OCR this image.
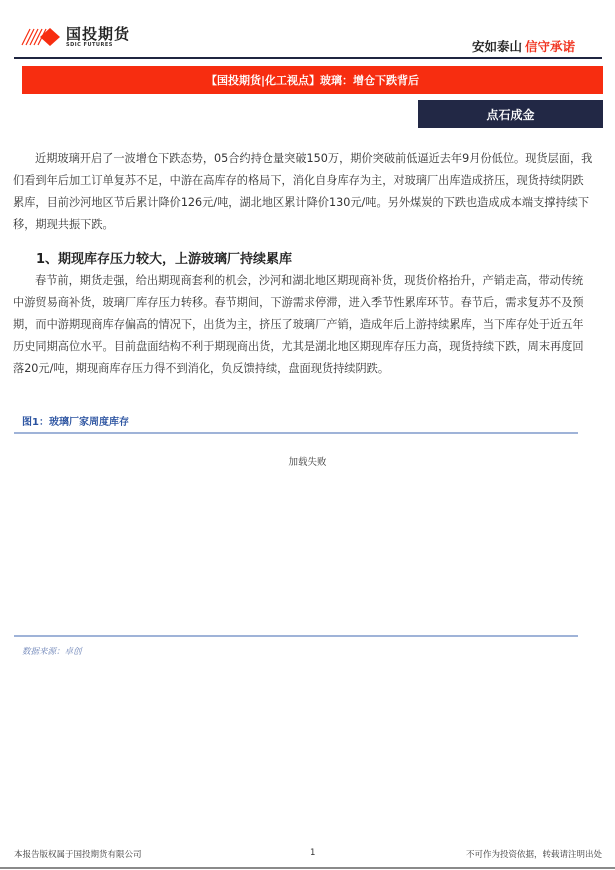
国投期货
SDIC FUTURES	安如泰山 信守承诺
【国投期货|化工视点】玻璃：增仓下跌背后
点石成金

近期玻璃开启了一波增仓下跌态势，05合约持仓量突破150万，期价突破前低逼近去年9月份低位。现货层面，我们看到年后加工订单复苏不足，中游在高库存的格局下，消化自身库存为主，对玻璃厂出库造成挤压，现货持续阴跌累库，目前沙河地区节后累计降价126元/吨，湖北地区累计降价130元/吨。另外煤炭的下跌也造成成本端支撑持续下移，期现共振下跌。

1、期现库存压力较大，上游玻璃厂持续累库

春节前，期货走强，给出期现商套利的机会，沙河和湖北地区期现商补货，现货价格抬升，产销走高，带动传统中游贸易商补货，玻璃厂库存压力转移。春节期间，下游需求停滞，进入季节性累库环节。春节后，需求复苏不及预期，而中游期现商库存偏高的情况下，出货为主，挤压了玻璃厂产销，造成年后上游持续累库，当下库存处于近五年历史同期高位水平。目前盘面结构不利于期现商出货，尤其是湖北地区期现库存压力高，现货持续下跌，周末再度回落20元/吨，期现商库存压力得不到消化，负反馈持续，盘面现货持续阴跌。

图1：玻璃厂家周度库存
加载失败
数据来源：卓创
本报告版权属于国投期货有限公司	1	不可作为投资依据，转载请注明出处
